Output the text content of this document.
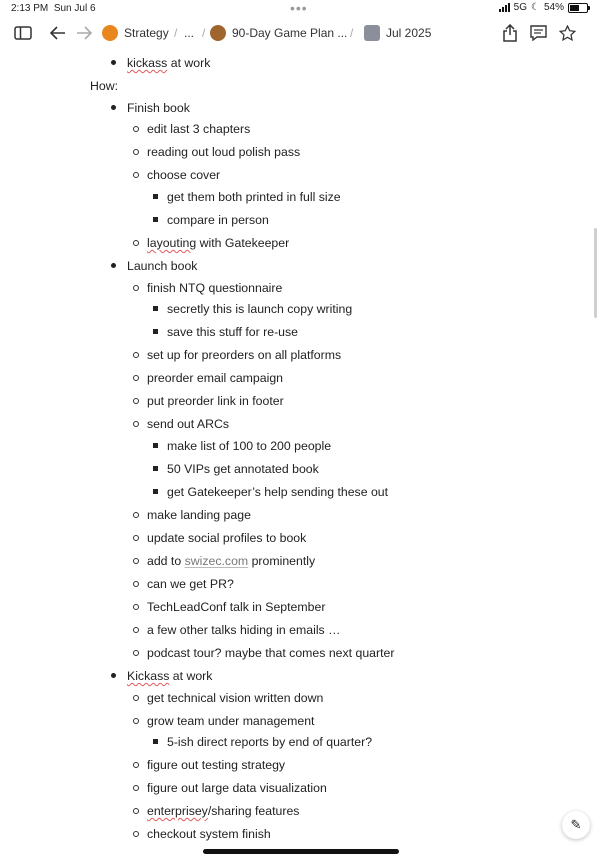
2:13 PM Sun Jul 6	•••	5G ☾ 54%
Strategy / ... / 90-Day Game Plan ... /	Jul 2025
kickass at work
How:
Finish book
edit last 3 chapters
reading out loud polish pass
choose cover
get them both printed in full size
compare in person
layouting with Gatekeeper
Launch book
finish NTQ questionnaire
secretly this is launch copy writing
save this stuff for re-use
set up for preorders on all platforms
preorder email campaign
put preorder link in footer
send out ARCs
make list of 100 to 200 people
50 VIPs get annotated book
get Gatekeeper’s help sending these out
make landing page
update social profiles to book
add to swizec.com prominently
can we get PR?
TechLeadConf talk in September
a few other talks hiding in emails …
podcast tour? maybe that comes next quarter
Kickass at work
get technical vision written down
grow team under management
5-ish direct reports by end of quarter?
figure out testing strategy
figure out large data visualization
enterprisey/sharing features
checkout system finish
✎
